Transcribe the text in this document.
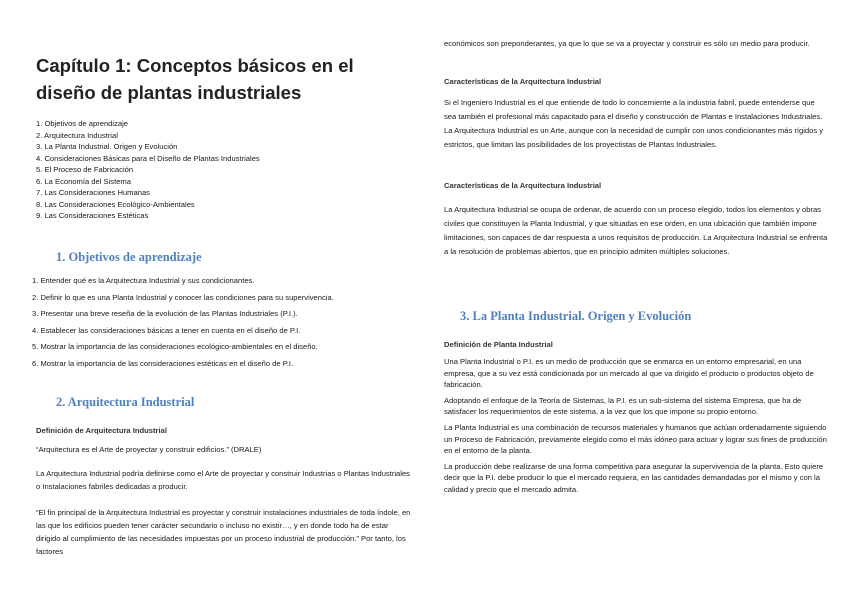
Capítulo 1: Conceptos básicos en el diseño de plantas industriales
1. Objetivos de aprendizaje
2. Arquitectura Industrial
3. La Planta Industrial. Origen y Evolución
4. Consideraciones Básicas para el Diseño de Plantas Industriales
5. El Proceso de Fabricación
6. La Economía del Sistema
7. Las Consideraciones Humanas
8. Las Consideraciones Ecológico-Ambientales
9. Las Consideraciones Estéticas
1. Objetivos de aprendizaje
1. Entender qué es la Arquitectura Industrial y sus condicionantes.
2. Definir lo que es una Planta Industrial y conocer las condiciones para su supervivencia.
3. Presentar una breve reseña de la evolución de las Plantas Industriales (P.I.).
4. Establecer las consideraciones básicas a tener en cuenta en el diseño de P.I.
5. Mostrar la importancia de las consideraciones ecológico-ambientales en el diseño.
6. Mostrar la importancia de las consideraciones estéticas en el diseño de P.I.
2. Arquitectura Industrial
Definición de Arquitectura Industrial
“Arquitectura es el Arte de proyectar y construir edificios.” (DRALE)
La Arquitectura Industrial podría definirse como el Arte de proyectar y construir Industrias o Plantas Industriales o Instalaciones fabriles dedicadas a producir.
“El fin principal de la Arquitectura Industrial es proyectar y construir instalaciones industriales de toda índole, en las que los edificios pueden tener carácter secundario o incluso no existir…, y en donde todo ha de estar dirigido al cumplimiento de las necesidades impuestas por un proceso industrial de producción.” Por tanto, los factores
económicos son preponderantes, ya que lo que se va a proyectar y construir es sólo un medio para producir.
Características de la Arquitectura Industrial
Si el Ingeniero Industrial es el que entiende de todo lo concerniente a la industria fabril, puede entenderse que sea también el profesional más capacitado para el diseño y construcción de Plantas e Instalaciones Industriales. La Arquitectura Industrial es un Arte, aunque con la necesidad de cumplir con unos condicionantes más rígidos y estrictos, que limitan las posibilidades de los proyectistas de Plantas Industriales.
Características de la Arquitectura Industrial
La Arquitectura Industrial se ocupa de ordenar, de acuerdo con un proceso elegido, todos los elementos y obras civiles que constituyen la Planta Industrial, y que situadas en ese orden, en una ubicación que también impone limitaciones, son capaces de dar respuesta a unos requisitos de producción. La Arquitectura Industrial se enfrenta a la resolución de problemas abiertos, que en principio admiten múltiples soluciones.
3. La Planta Industrial. Origen y Evolución
Definición de Planta Industrial

Una Planta Industrial o P.I. es un medio de producción que se enmarca en un entorno empresarial, en una empresa, que a su vez está condicionada por un mercado al que va dirigido el producto o productos objeto de fabricación.

Adoptando el enfoque de la Teoría de Sistemas, la P.I. es un sub-sistema del sistema Empresa, que ha de satisfacer los requerimientos de este sistema, a la vez que los que impone su propio entorno.

La Planta Industrial es una combinación de recursos materiales y humanos que actúan ordenadamente siguiendo un Proceso de Fabricación, previamente elegido como el más idóneo para actuar y lograr sus fines de producción en el entorno de la planta.

La producción debe realizarse de una forma competitiva para asegurar la supervivencia de la planta. Esto quiere decir que la P.I. debe producir lo que el mercado requiera, en las cantidades demandadas por el mismo y con la calidad y precio que el mercado admita.
